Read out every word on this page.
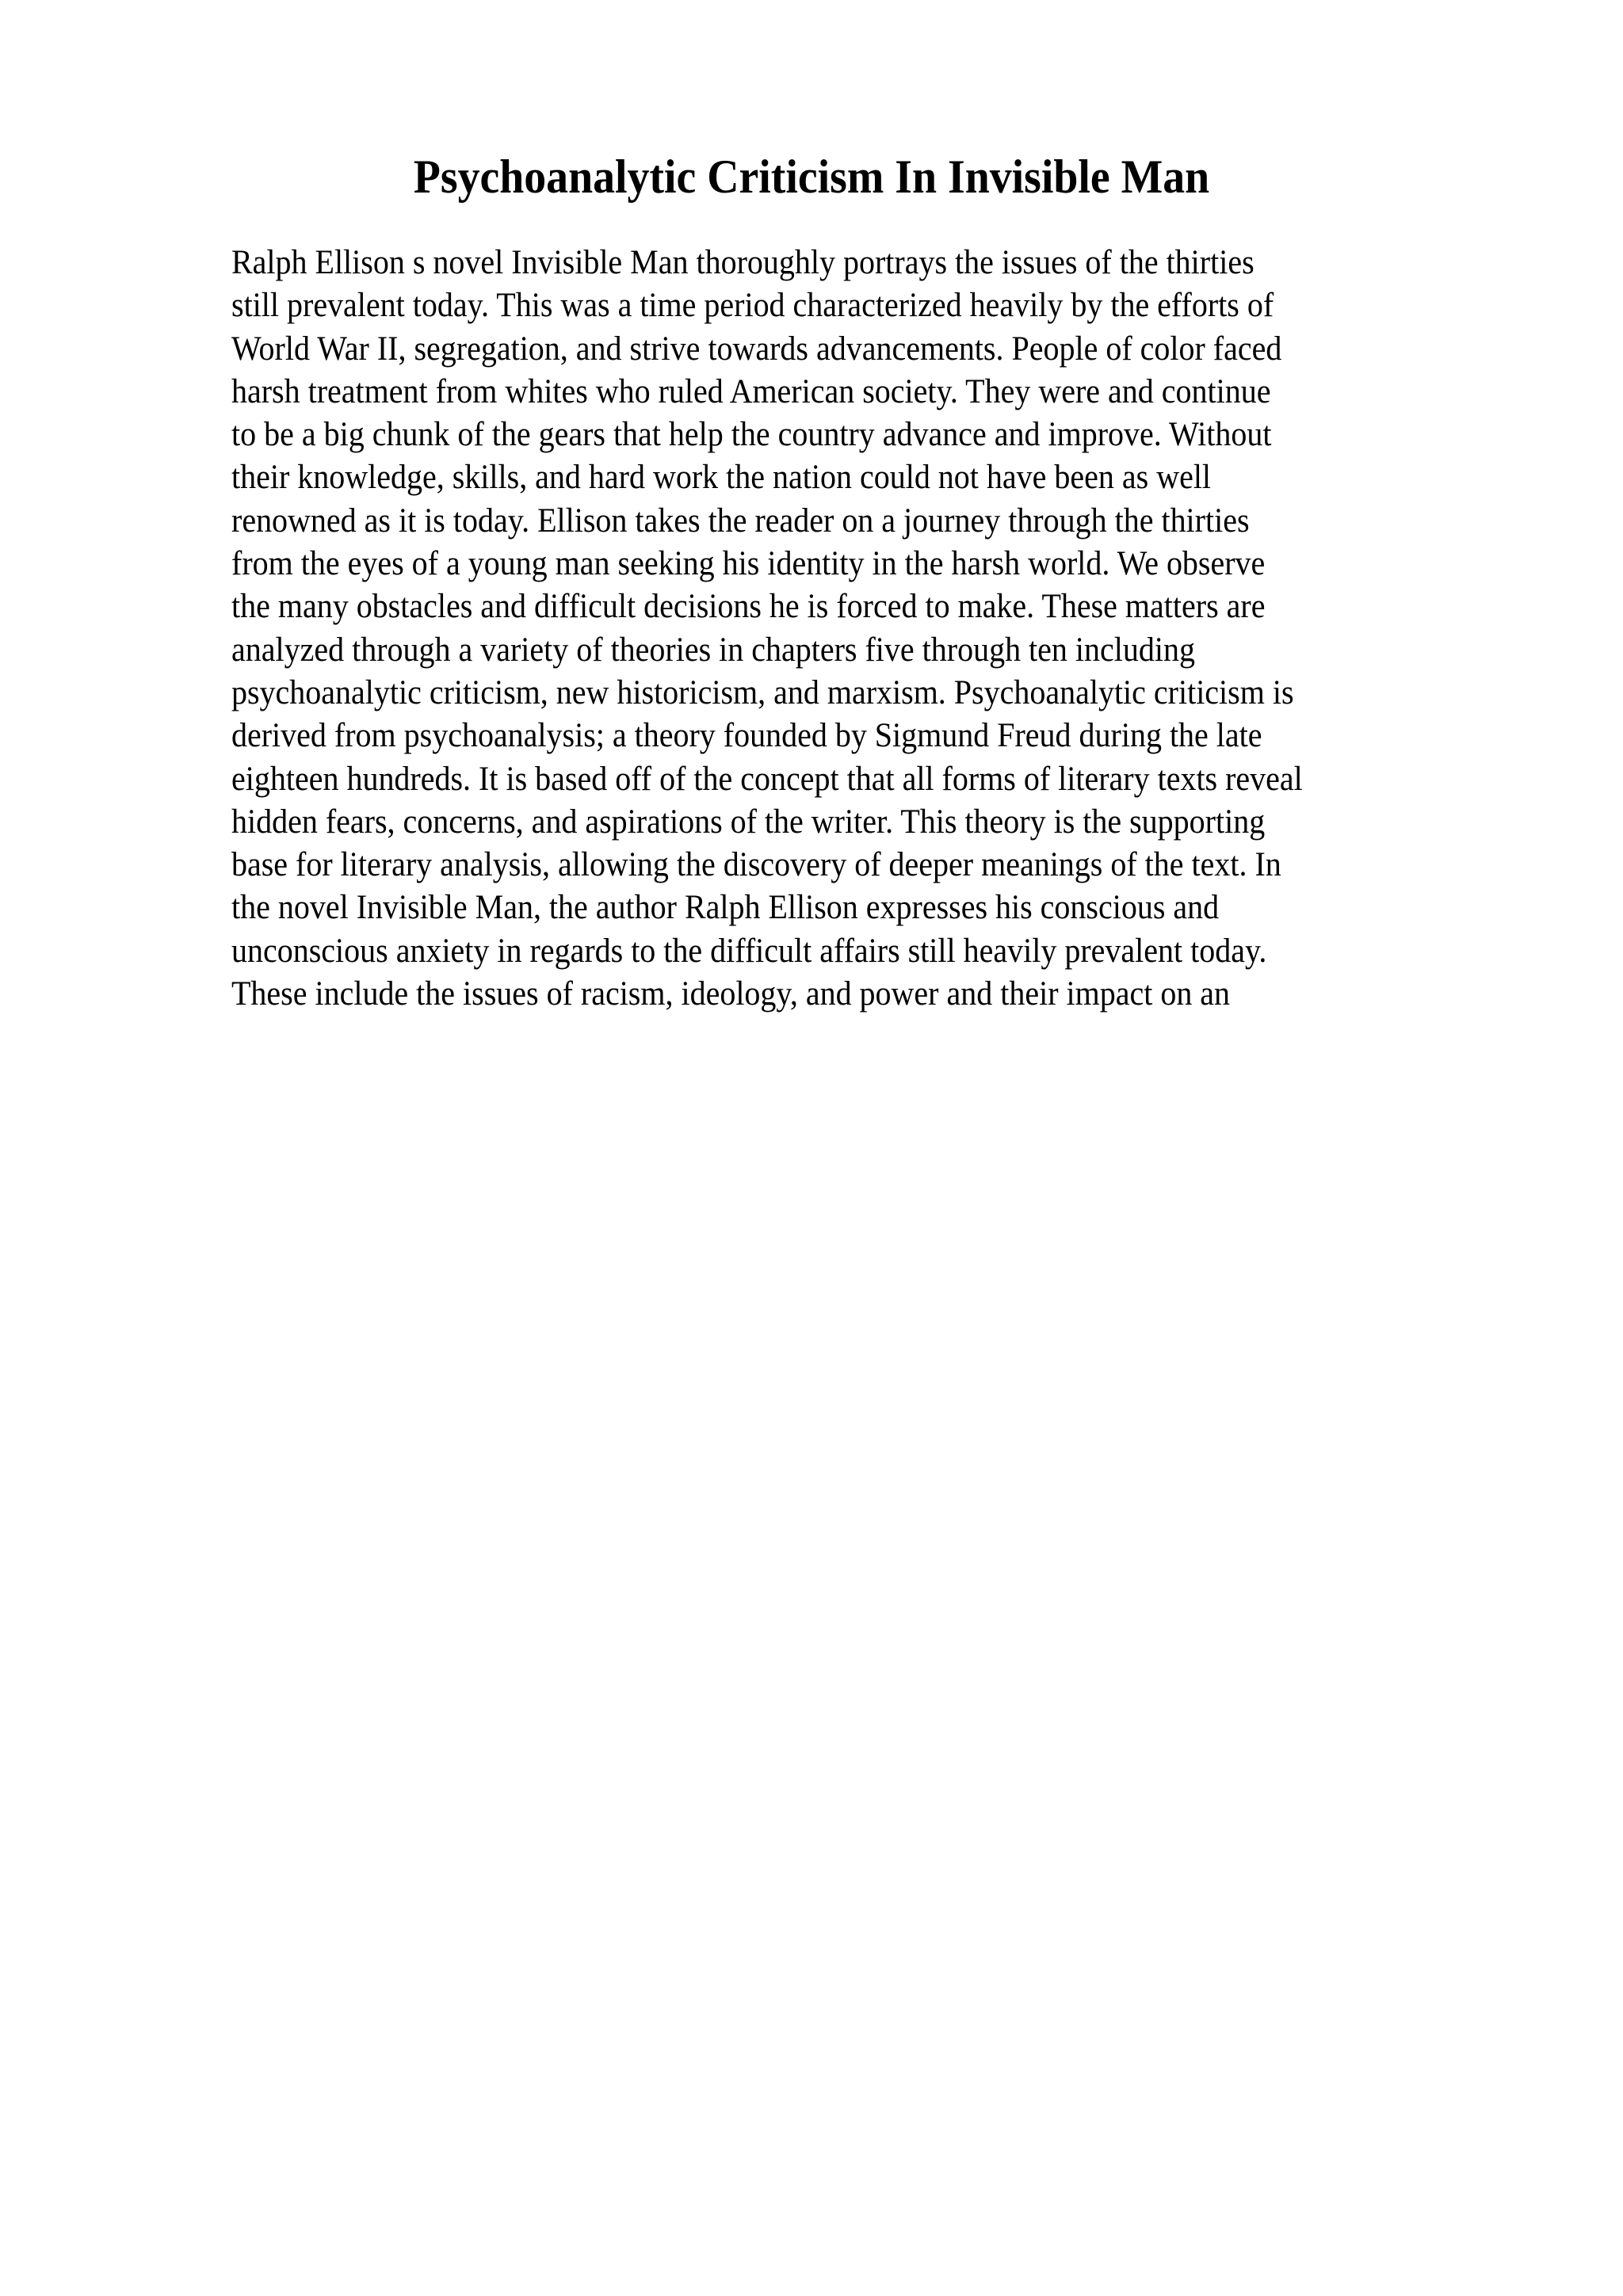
Psychoanalytic Criticism In Invisible Man
Ralph Ellison s novel Invisible Man thoroughly portrays the issues of the thirties
still prevalent today. This was a time period characterized heavily by the efforts of
World War II, segregation, and strive towards advancements. People of color faced
harsh treatment from whites who ruled American society. They were and continue
to be a big chunk of the gears that help the country advance and improve. Without
their knowledge, skills, and hard work the nation could not have been as well
renowned as it is today. Ellison takes the reader on a journey through the thirties
from the eyes of a young man seeking his identity in the harsh world. We observe
the many obstacles and difficult decisions he is forced to make. These matters are
analyzed through a variety of theories in chapters five through ten including
psychoanalytic criticism, new historicism, and marxism. Psychoanalytic criticism is
derived from psychoanalysis; a theory founded by Sigmund Freud during the late
eighteen hundreds. It is based off of the concept that all forms of literary texts reveal
hidden fears, concerns, and aspirations of the writer. This theory is the supporting
base for literary analysis, allowing the discovery of deeper meanings of the text. In
the novel Invisible Man, the author Ralph Ellison expresses his conscious and
unconscious anxiety in regards to the difficult affairs still heavily prevalent today.
These include the issues of racism, ideology, and power and their impact on an
